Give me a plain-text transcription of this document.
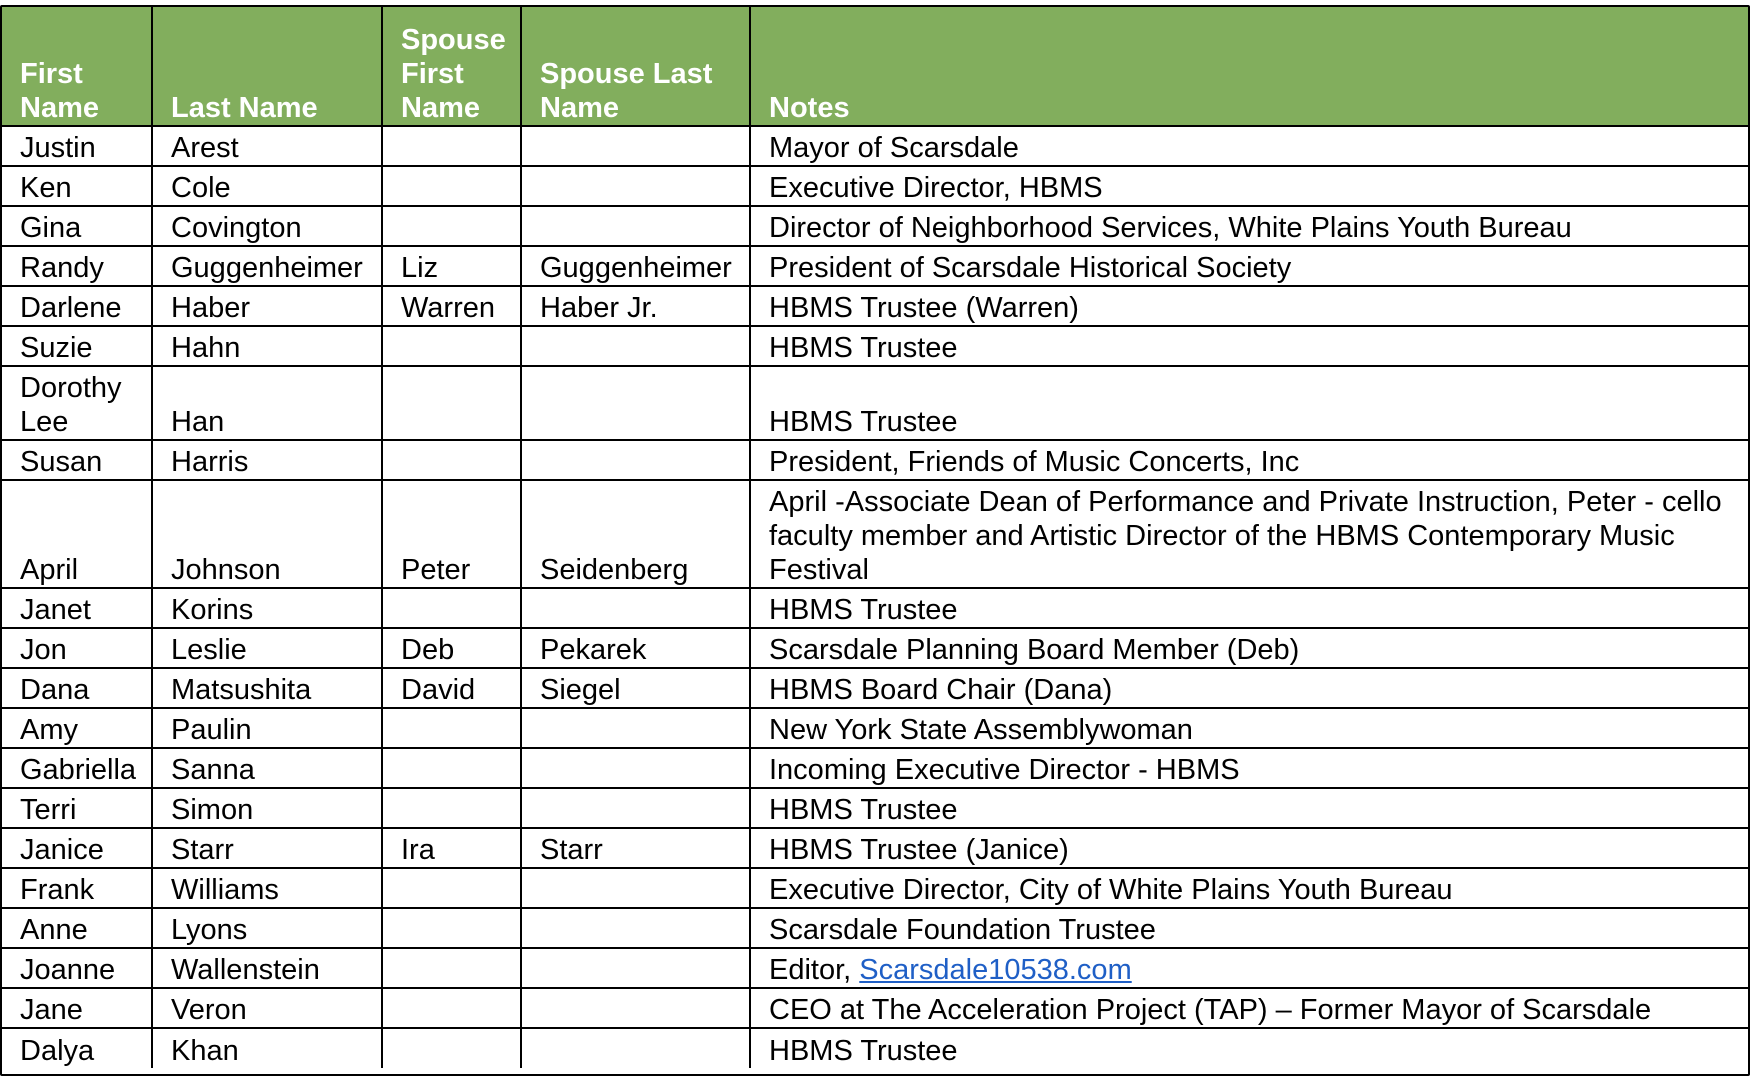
First Name	Last Name	Spouse First Name	Spouse Last Name	Notes
Justin	Arest			Mayor of Scarsdale
Ken	Cole			Executive Director, HBMS
Gina	Covington			Director of Neighborhood Services, White Plains Youth Bureau
Randy	Guggenheimer	Liz	Guggenheimer	President of Scarsdale Historical Society
Darlene	Haber	Warren	Haber Jr.	HBMS Trustee (Warren)
Suzie	Hahn			HBMS Trustee
Dorothy Lee	Han			HBMS Trustee
Susan	Harris			President, Friends of Music Concerts, Inc
April	Johnson	Peter	Seidenberg	April -Associate Dean of Performance and Private Instruction, Peter - cello faculty member and Artistic Director of the HBMS Contemporary Music Festival
Janet	Korins			HBMS Trustee
Jon	Leslie	Deb	Pekarek	Scarsdale Planning Board Member (Deb)
Dana	Matsushita	David	Siegel	HBMS Board Chair (Dana)
Amy	Paulin			New York State Assemblywoman
Gabriella	Sanna			Incoming Executive Director - HBMS
Terri	Simon			HBMS Trustee
Janice	Starr	Ira	Starr	HBMS Trustee (Janice)
Frank	Williams			Executive Director, City of White Plains Youth Bureau
Anne	Lyons			Scarsdale Foundation Trustee
Joanne	Wallenstein			Editor, Scarsdale10538.com
Jane	Veron			CEO at The Acceleration Project (TAP) – Former Mayor of Scarsdale
Dalya	Khan			HBMS Trustee
